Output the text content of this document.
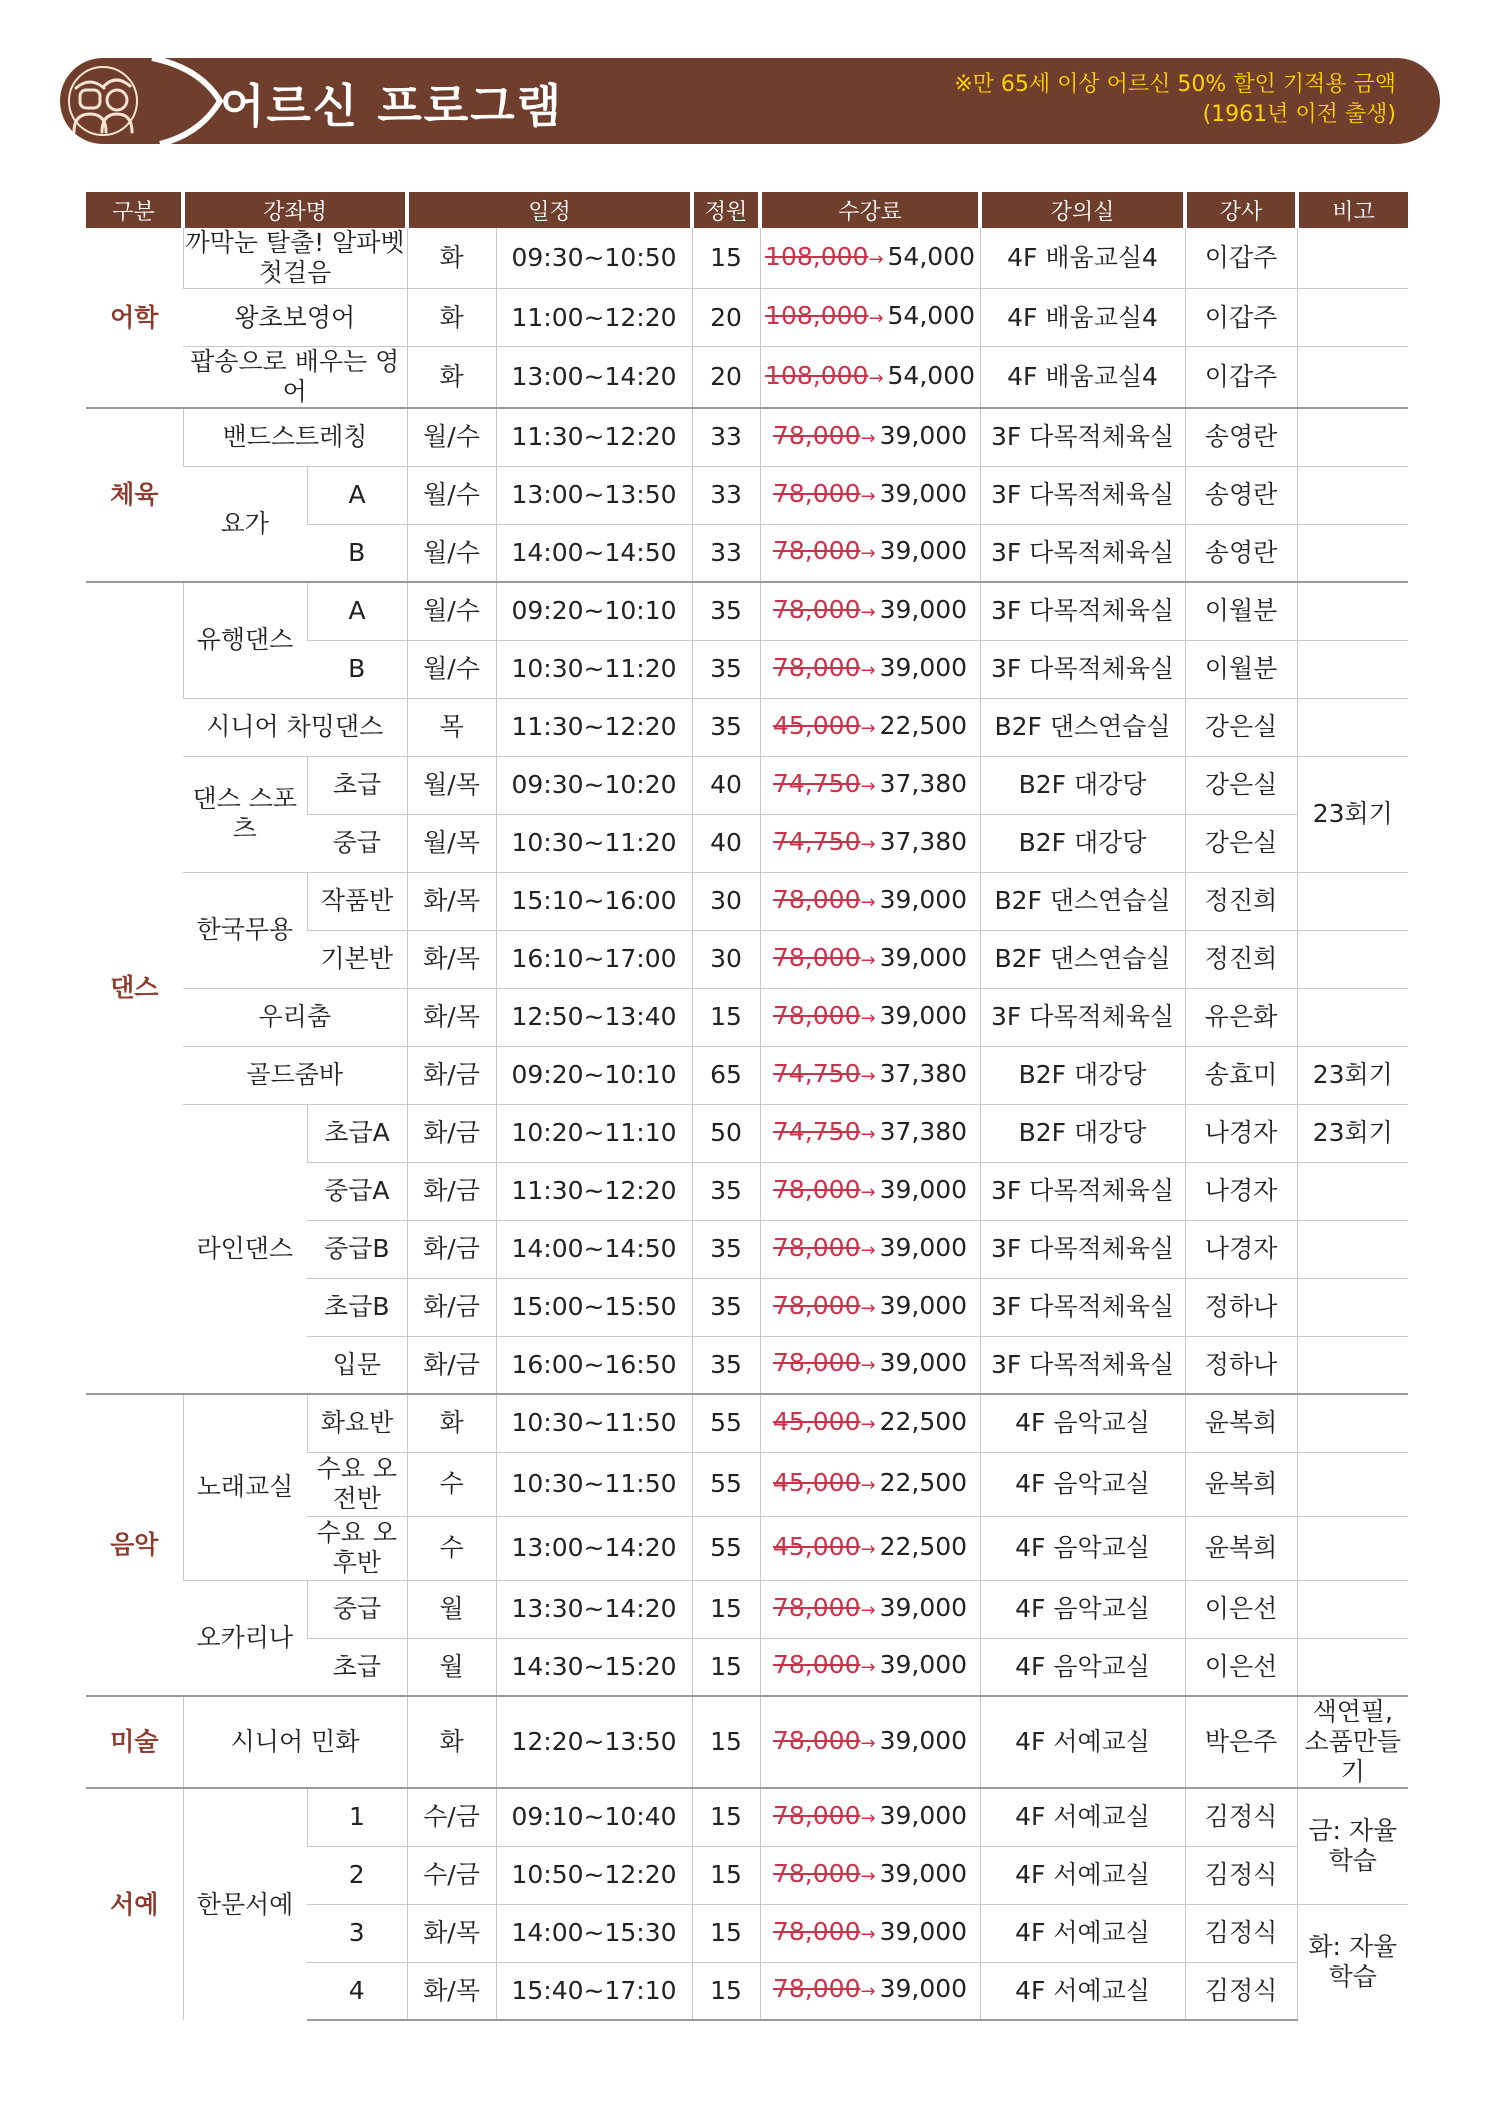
어르신 프로그램	※만 65세 이상 어르신 50% 할인 기적용 금액
(1961년 이전 출생)
구분	강좌명		일정		정원	수강료	강의실	강사	비고
어학	까막눈 탈출! 알파벳 첫걸음		화	09:30~10:50	15	108,000→ 54,000	4F 배움교실4	이갑주	
	왕초보영어		화	11:00~12:20	20	108,000→ 54,000	4F 배움교실4	이갑주	
	팝송으로 배우는 영어		화	13:00~14:20	20	108,000→ 54,000	4F 배움교실4	이갑주	
체육	밴드스트레칭		월/수	11:30~12:20	33	78,000→ 39,000	3F 다목적체육실	송영란	
	요가	A	월/수	13:00~13:50	33	78,000→ 39,000	3F 다목적체육실	송영란	
		B	월/수	14:00~14:50	33	78,000→ 39,000	3F 다목적체육실	송영란	
댄스	유행댄스	A	월/수	09:20~10:10	35	78,000→ 39,000	3F 다목적체육실	이월분	
		B	월/수	10:30~11:20	35	78,000→ 39,000	3F 다목적체육실	이월분	
	시니어 차밍댄스		목	11:30~12:20	35	45,000→ 22,500	B2F 댄스연습실	강은실	
	댄스 스포츠	초급	월/목	09:30~10:20	40	74,750→ 37,380	B2F 대강당	강은실	23회기
		중급	월/목	10:30~11:20	40	74,750→ 37,380	B2F 대강당	강은실	
	한국무용	작품반	화/목	15:10~16:00	30	78,000→ 39,000	B2F 댄스연습실	정진희	
		기본반	화/목	16:10~17:00	30	78,000→ 39,000	B2F 댄스연습실	정진희	
	우리춤		화/목	12:50~13:40	15	78,000→ 39,000	3F 다목적체육실	유은화	
	골드줌바		화/금	09:20~10:10	65	74,750→ 37,380	B2F 대강당	송효미	23회기
	라인댄스	초급A	화/금	10:20~11:10	50	74,750→ 37,380	B2F 대강당	나경자	23회기
		중급A	화/금	11:30~12:20	35	78,000→ 39,000	3F 다목적체육실	나경자	
		중급B	화/금	14:00~14:50	35	78,000→ 39,000	3F 다목적체육실	나경자	
		초급B	화/금	15:00~15:50	35	78,000→ 39,000	3F 다목적체육실	정하나	
		입문	화/금	16:00~16:50	35	78,000→ 39,000	3F 다목적체육실	정하나	
음악	노래교실	화요반	화	10:30~11:50	55	45,000→ 22,500	4F 음악교실	윤복희	
		수요 오전반	수	10:30~11:50	55	45,000→ 22,500	4F 음악교실	윤복희	
		수요 오후반	수	13:00~14:20	55	45,000→ 22,500	4F 음악교실	윤복희	
	오카리나	중급	월	13:30~14:20	15	78,000→ 39,000	4F 음악교실	이은선	
		초급	월	14:30~15:20	15	78,000→ 39,000	4F 음악교실	이은선	
미술	시니어 민화		화	12:20~13:50	15	78,000→ 39,000	4F 서예교실	박은주	색연필, 소품만들기
서예	한문서예	1	수/금	09:10~10:40	15	78,000→ 39,000	4F 서예교실	김정식	금: 자율 학습
		2	수/금	10:50~12:20	15	78,000→ 39,000	4F 서예교실	김정식	
		3	화/목	14:00~15:30	15	78,000→ 39,000	4F 서예교실	김정식	화: 자율 학습
		4	화/목	15:40~17:10	15	78,000→ 39,000	4F 서예교실	김정식	
